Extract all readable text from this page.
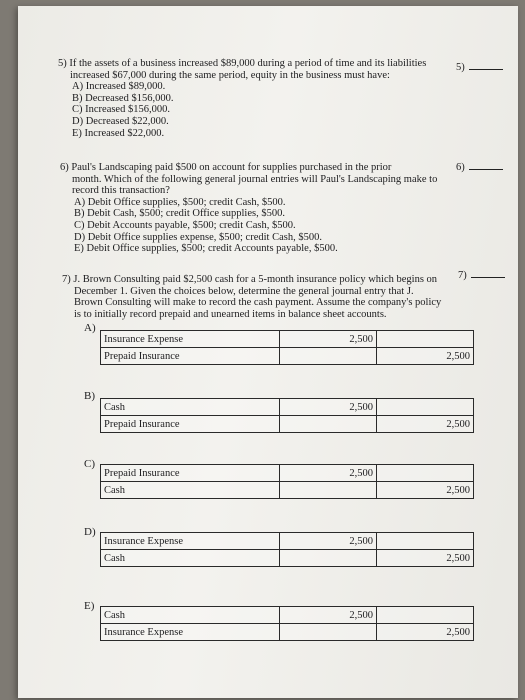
5) If the assets of a business increased $89,000 during a period of time and its liabilities

increased $67,000 during the same period, equity in the business must have:

A) Increased $89,000.

B) Decreased $156,000.

C) Increased $156,000.

D) Decreased $22,000.

E) Increased $22,000.

5)

6) Paul's Landscaping paid $500 on account for supplies purchased in the prior

month. Which of the following general journal entries will Paul's Landscaping make to

record this transaction?

A) Debit Office supplies, $500; credit Cash, $500.

B) Debit Cash, $500; credit Office supplies, $500.

C) Debit Accounts payable, $500; credit Cash, $500.

D) Debit Office supplies expense, $500; credit Cash, $500.

E) Debit Office supplies, $500; credit Accounts payable, $500.

6)

7) J. Brown Consulting paid $2,500 cash for a 5-month insurance policy which begins on

December 1. Given the choices below, determine the general journal entry that J.

Brown Consulting will make to record the cash payment. Assume the company's policy

is to initially record prepaid and unearned items in balance sheet accounts.

7)
A)
Insurance Expense	2,500	
Prepaid Insurance		2,500
B)
Cash	2,500	
Prepaid Insurance		2,500
C)
Prepaid Insurance	2,500	
Cash		2,500
D)
Insurance Expense	2,500	
Cash		2,500
E)
Cash	2,500	
Insurance Expense		2,500
